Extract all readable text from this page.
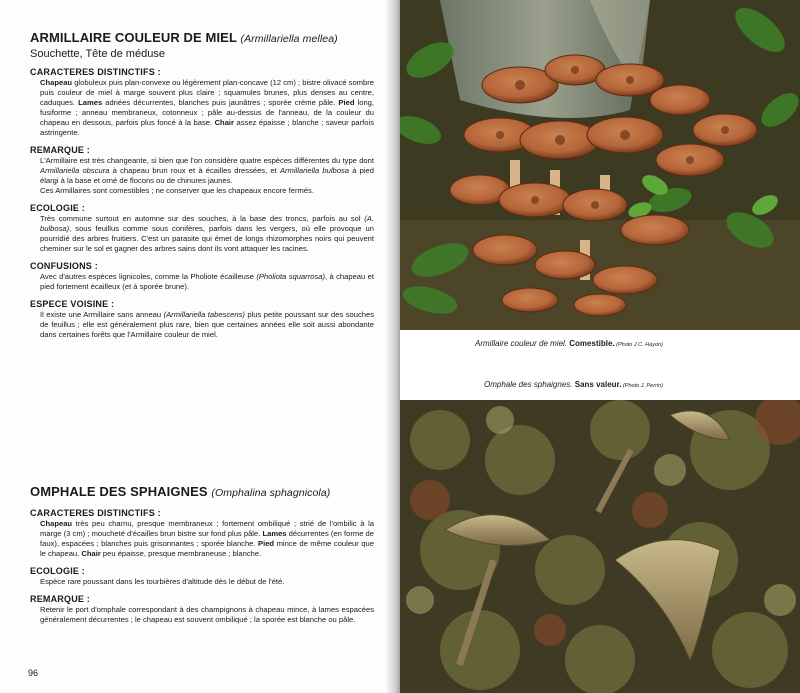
ARMILLAIRE COULEUR DE MIEL (Armillariella mellea)
Souchette, Tête de méduse
CARACTERES DISTINCTIFS :
Chapeau globuleux puis plan-convexe ou légèrement plan-concave (12 cm) ; bistre olivacé sombre puis couleur de miel à marge souvent plus claire ; squamules brunes, plus denses au centre, caduques. Lames adnées décurrentes, blanches puis jaunâtres ; sporée crème pâle. Pied long, fusiforme ; anneau membraneux, cotonneux ; pâle au-dessus de l'anneau, de la couleur du chapeau en dessous, parfois plus foncé à la base. Chair assez épaisse ; blanche ; saveur parfois astringente.
REMARQUE :
L'Armillaire est très changeante, si bien que l'on considère quatre espèces différentes du type dont Armillariella obscura à chapeau brun roux et à écailles dressées, et Armillariella bulbosa à pied élargi à la base et orné de flocons ou de chinures jaunes.
Ces Armillaires sont comestibles ; ne conserver que les chapeaux encore fermés.
ECOLOGIE :
Très commune surtout en automne sur des souches, à la base des troncs, parfois au sol (A. bulbosa), sous feuillus comme sous conifères, parfois dans les vergers, où elle provoque un pourridié des arbres fruitiers. C'est un parasite qui émet de longs rhizomorphes noirs qui peuvent cheminer sur le sol et gagner des arbres sains dont ils vont attaquer les racines.
CONFUSIONS :
Avec d'autres espèces lignicoles, comme la Pholiote écailleuse (Pholiota squarrosa), à chapeau et pied fortement écailleux (et à sporée brune).
ESPECE VOISINE :
Il existe une Armillaire sans anneau (Armillariella tabescens) plus petite poussant sur des souches de feuillus ; elle est généralement plus rare, bien que certaines années elle soit aussi abondante dans certaines forêts que l'Armillaire couleur de miel.
OMPHALE DES SPHAIGNES (Omphalina sphagnicola)
CARACTERES DISTINCTIFS :
Chapeau très peu charnu, presque membraneux ; fortement ombiliqué ; strié de l'ombilic à la marge (3 cm) ; moucheté d'écailles brun bistre sur fond plus pâle. Lames décurrentes (en forme de faux), espacées ; blanches puis grisonnantes ; sporée blanche. Pied mince de même couleur que le chapeau. Chair peu épaisse, presque membraneuse ; blanche.
ECOLOGIE :
Espèce rare poussant dans les tourbières d'altitude dès le début de l'été.
REMARQUE :
Retenir le port d'omphale correspondant à des champignons à chapeau mince, à lames espacées généralement décurrentes ; le chapeau est souvent ombiliqué ; la sporée est blanche ou pâle.
96
Armillaire couleur de miel. Comestible. (Photo J.C. Hayon)
Omphale des sphaignes. Sans valeur. (Photo J. Perrin)
